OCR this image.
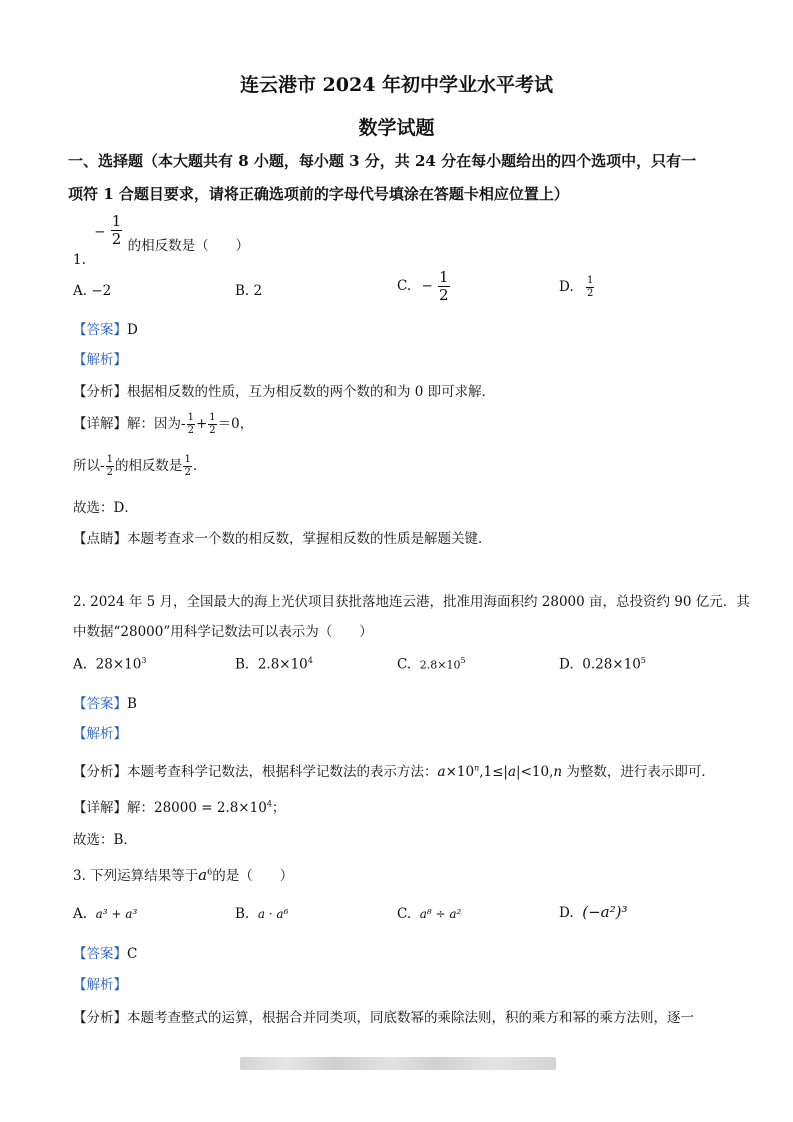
连云港市 2024 年初中学业水平考试
数学试题
一、选择题（本大题共有 8 小题，每小题 3 分，共 24 分在每小题给出的四个选项中，只有一
项符 1 合题目要求，请将正确选项前的字母代号填涂在答题卡相应位置上）
1. − $\frac{1}{2}$ 的相反数是（　　）
A. −2	B. 2	C. − $\frac{1}{2}$	D. $\frac{1}{2}$
【答案】D
【解析】
【分析】根据相反数的性质，互为相反数的两个数的和为 0 即可求解．
【详解】解：因为- $\frac{1}{2} + \frac{1}{2} =0$，
所以- $\frac{1}{2}$ 的相反数是 $\frac{1}{2}$ ．
故选：D．
【点睛】本题考查求一个数的相反数，掌握相反数的性质是解题关键．
2. 2024 年 5 月，全国最大的海上光伏项目获批落地连云港，批准用海面积约 28000 亩，总投资约 90 亿元．其
中数据“28000”用科学记数法可以表示为（　　）
A. $28\times 10^3$	B. $2.8\times 10^4$	C. $2.8\times 10^5$	D. $0.28\times 10^5$
【答案】B
【解析】
【分析】本题考查科学记数法，根据科学记数法的表示方法：$a\times 10^n,1\le|a|<10,n$ 为整数，进行表示即可．
【详解】解：$28000 = 2.8\times 10^4$；
故选：B．
3. 下列运算结果等于$a^6$的是（　　）
A. a³ + a³	B. a · a⁶	C. a⁸ ÷ a²	D. (−a²)³
【答案】C
【解析】
【分析】本题考查整式的运算，根据合并同类项，同底数幂的乘除法则，积的乘方和幂的乘方法则，逐一
